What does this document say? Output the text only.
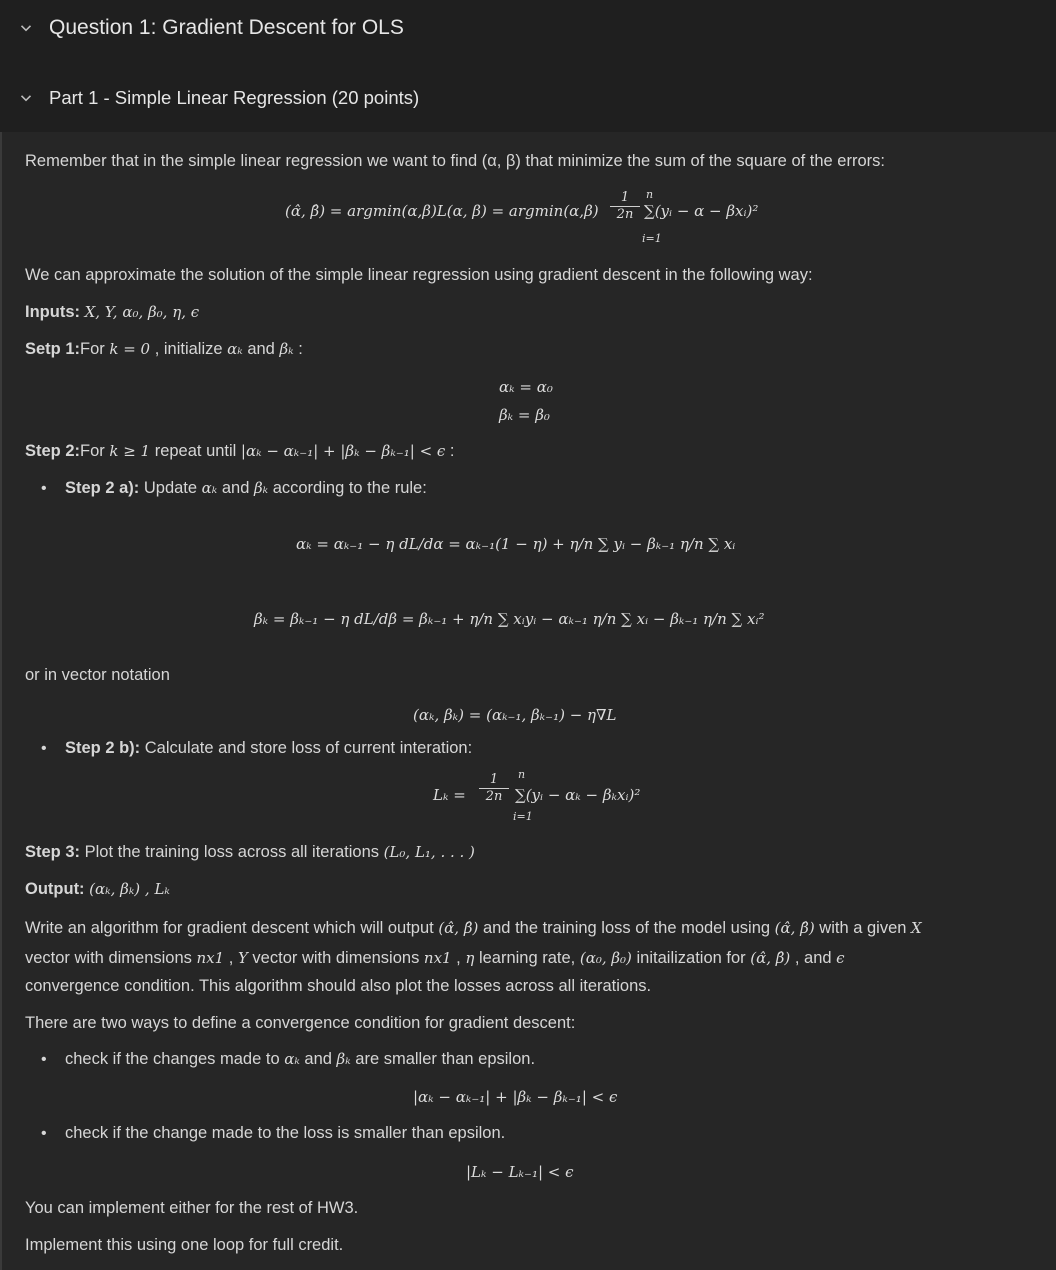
Question 1: Gradient Descent for OLS
Part 1 - Simple Linear Regression (20 points)
Remember that in the simple linear regression we want to find (α, β) that minimize the sum of the square of the errors:
(α̂, β̂) = argmin(α,β)L(α, $\beta) = argmin(\alpha,\beta) \frac{1}{2n}$ ∑(yᵢ − α − βxᵢ)²
n
i=1
We can approximate the solution of the simple linear regression using gradient descent in the following way:
Inputs: X, Y, α₀, β₀, η, ϵ
Setp 1:For k = 0 , initialize αₖ and βₖ :
αₖ = α₀
βₖ = β₀
Step 2:For k ≥ 1 repeat until |αₖ − αₖ₋₁| + |βₖ − βₖ₋₁| < ϵ :
• Step 2 a): Update αₖ and βₖ according to the rule:
αₖ = αₖ₋₁ − η dL/dα = αₖ₋₁(1 − η) + η/n ∑ yᵢ − βₖ₋₁ η/n ∑ xᵢ
βₖ = βₖ₋₁ − η dL/dβ = βₖ₋₁ + η/n ∑ xᵢyᵢ − αₖ₋₁ η/n ∑ xᵢ − βₖ₋₁ η/n ∑ xᵢ²
or in vector notation
(αₖ, βₖ) = (αₖ₋₁, βₖ₋₁) − η∇L
• Step 2 b): Calculate and store loss of current interation:
$L_k = \frac{1}{2n}$ ∑(yᵢ − αₖ − βₖxᵢ)²
n
i=1
Step 3: Plot the training loss across all iterations (L₀, L₁, . . . )
Output: (αₖ, βₖ) , Lₖ
Write an algorithm for gradient descent which will output (α̂, β̂) and the training loss of the model using (α̂, β̂) with a given X
vector with dimensions nx1 , Y vector with dimensions nx1 , η learning rate, (α₀, β₀) initailization for (α̂, β̂) , and ϵ
convergence condition. This algorithm should also plot the losses across all iterations.
There are two ways to define a convergence condition for gradient descent:
• check if the changes made to αₖ and βₖ are smaller than epsilon.
|αₖ − αₖ₋₁| + |βₖ − βₖ₋₁| < ϵ
• check if the change made to the loss is smaller than epsilon.
|Lₖ − Lₖ₋₁| < ϵ
You can implement either for the rest of HW3.
Implement this using one loop for full credit.
